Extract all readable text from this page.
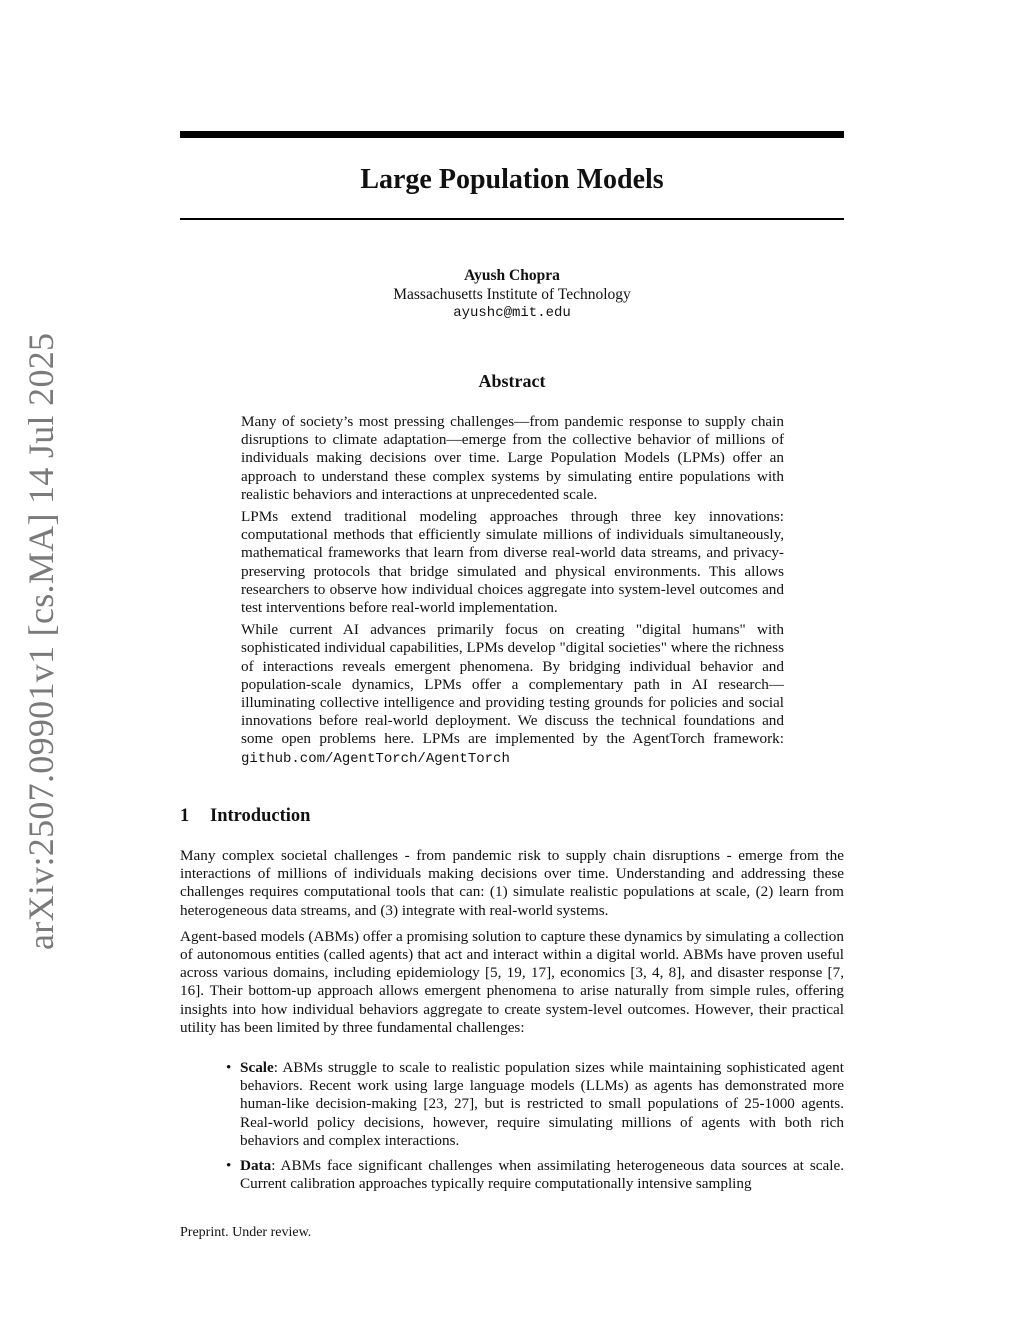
arXiv:2507.09901v1 [cs.MA] 14 Jul 2025
Large Population Models
Ayush Chopra
Massachusetts Institute of Technology
ayushc@mit.edu
Abstract

Many of society’s most pressing challenges—from pandemic response to supply chain disruptions to climate adaptation—emerge from the collective behavior of millions of individuals making decisions over time. Large Population Models (LPMs) offer an approach to understand these complex systems by simulating entire populations with realistic behaviors and interactions at unprecedented scale.

LPMs extend traditional modeling approaches through three key innovations: computational methods that efficiently simulate millions of individuals simultaneously, mathematical frameworks that learn from diverse real-world data streams, and privacy-preserving protocols that bridge simulated and physical environments. This allows researchers to observe how individual choices aggregate into system-level outcomes and test interventions before real-world implementation.

While current AI advances primarily focus on creating "digital humans" with sophisticated individual capabilities, LPMs develop "digital societies" where the richness of interactions reveals emergent phenomena. By bridging individual behavior and population-scale dynamics, LPMs offer a complementary path in AI research—illuminating collective intelligence and providing testing grounds for policies and social innovations before real-world deployment. We discuss the technical foundations and some open problems here. LPMs are implemented by the AgentTorch framework: github.com/AgentTorch/AgentTorch

1 Introduction

Many complex societal challenges - from pandemic risk to supply chain disruptions - emerge from the interactions of millions of individuals making decisions over time. Understanding and addressing these challenges requires computational tools that can: (1) simulate realistic populations at scale, (2) learn from heterogeneous data streams, and (3) integrate with real-world systems.

Agent-based models (ABMs) offer a promising solution to capture these dynamics by simulating a collection of autonomous entities (called agents) that act and interact within a digital world. ABMs have proven useful across various domains, including epidemiology [5, 19, 17], economics [3, 4, 8], and disaster response [7, 16]. Their bottom-up approach allows emergent phenomena to arise naturally from simple rules, offering insights into how individual behaviors aggregate to create system-level outcomes. However, their practical utility has been limited by three fundamental challenges:

• Scale: ABMs struggle to scale to realistic population sizes while maintaining sophisticated agent behaviors. Recent work using large language models (LLMs) as agents has demonstrated more human-like decision-making [23, 27], but is restricted to small populations of 25-1000 agents. Real-world policy decisions, however, require simulating millions of agents with both rich behaviors and complex interactions.
• Data: ABMs face significant challenges when assimilating heterogeneous data sources at scale. Current calibration approaches typically require computationally intensive sampling
Preprint. Under review.
